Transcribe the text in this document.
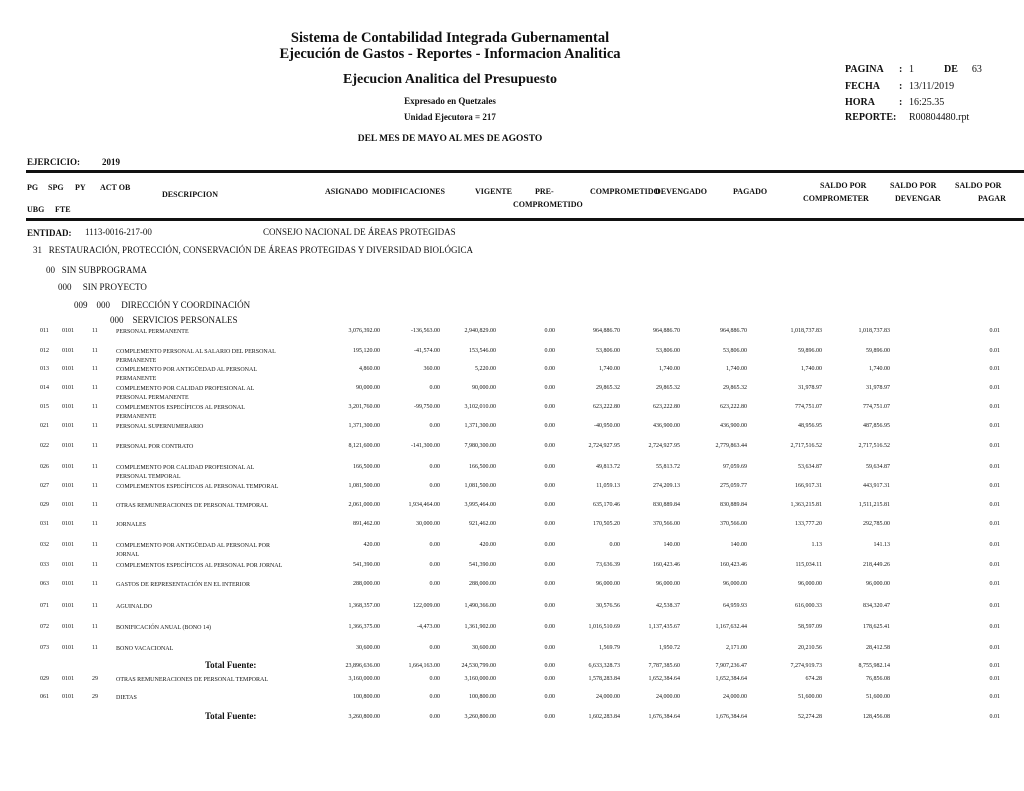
Sistema de Contabilidad Integrada Gubernamental
Ejecución de Gastos - Reportes - Informacion Analitica
Ejecucion Analitica del Presupuesto
Expresado en Quetzales
Unidad Ejecutora = 217
DEL MES DE MAYO AL MES DE AGOSTO
PAGINA : 1	DE 63
FECHA : 13/11/2019
HORA : 16:25.35
REPORTE: R00804480.rpt
EJERCICIO: 2019
PG SPG PY ACT OB
UBG FTE
DESCRIPCION	ASIGNADO MODIFICACIONES	VIGENTE	PRE-
COMPROMETIDO
COMPROMETIDO
DEVENGADO	PAGADO
SALDO POR
COMPROMETER
SALDO POR
DEVENGAR
SALDO POR
PAGAR
ENTIDAD: 1113-0016-217-00	CONSEJO NACIONAL DE ÁREAS PROTEGIDAS
31   RESTAURACIÓN, PROTECCIÓN, CONSERVACIÓN DE ÁREAS PROTEGIDAS Y DIVERSIDAD BIOLÓGICA
00   SIN SUBPROGRAMA
000     SIN PROYECTO
009    000     DIRECCIÓN Y COORDINACIÓN
000    SERVICIOS PERSONALES
011	0101	11	PERSONAL PERMANENTE	3,076,392.00	-136,563.00	2,940,829.00	0.00	964,886.70	964,886.70	964,886.70	1,018,737.83	1,018,737.83	0.01
012	0101	11	COMPLEMENTO PERSONAL AL SALARIO DEL PERSONAL PERMANENTE
195,120.00	-41,574.00	153,546.00	0.00	53,806.00	53,806.00	53,806.00	59,896.00	59,896.00	0.01
013	0101	11	COMPLEMENTO POR ANTIGÜEDAD AL PERSONAL PERMANENTE
4,860.00	360.00	5,220.00	0.00	1,740.00	1,740.00	1,740.00	1,740.00	1,740.00	0.01
014	0101	11	COMPLEMENTO POR CALIDAD PROFESIONAL AL PERSONAL PERMANENTE
90,000.00	0.00	90,000.00	0.00	29,865.32	29,865.32	29,865.32	31,978.97	31,978.97	0.01
015	0101	11	COMPLEMENTOS ESPECÍFICOS AL PERSONAL PERMANENTE
3,201,760.00	-99,750.00	3,102,010.00	0.00	623,222.80	623,222.80	623,222.80	774,751.07	774,751.07	0.01
021	0101	11	PERSONAL SUPERNUMERARIO	1,371,300.00	0.00	1,371,300.00	0.00	-40,950.00	436,900.00	436,900.00	48,956.95	487,856.95	0.01
022	0101	11	PERSONAL POR CONTRATO	8,121,600.00	-141,300.00	7,980,300.00	0.00	2,724,927.95	2,724,927.95	2,779,863.44	2,717,516.52	2,717,516.52	0.01
026	0101	11	COMPLEMENTO POR CALIDAD PROFESIONAL AL PERSONAL TEMPORAL
166,500.00	0.00	166,500.00	0.00	49,813.72	55,813.72	97,059.69	53,634.87	59,634.87	0.01
027	0101	11	COMPLEMENTOS ESPECÍFICOS AL PERSONAL TEMPORAL	1,081,500.00	0.00	1,081,500.00	0.00	11,059.13	274,209.13	275,059.77	166,917.31	443,917.31	0.01
029	0101	11	OTRAS REMUNERACIONES DE PERSONAL TEMPORAL	2,061,000.00	1,934,464.00	3,995,464.00	0.00	635,170.46	830,889.84	830,889.84	1,363,215.81	1,511,215.81	0.01
031	0101	11	JORNALES	891,462.00	30,000.00	921,462.00	0.00	170,505.20	370,566.00	370,566.00	133,777.20	292,785.00	0.01
032	0101	11	COMPLEMENTO POR ANTIGÜEDAD AL PERSONAL POR JORNAL
420.00	0.00	420.00	0.00	0.00	140.00	140.00	1.13	141.13	0.01
033	0101	11	COMPLEMENTOS ESPECÍFICOS AL PERSONAL POR JORNAL	541,390.00	0.00	541,390.00	0.00	73,636.39	160,423.46	160,423.46	115,034.11	218,449.26	0.01
063	0101	11	GASTOS DE REPRESENTACIÓN EN EL INTERIOR	288,000.00	0.00	288,000.00	0.00	96,000.00	96,000.00	96,000.00	96,000.00	96,000.00	0.01
071	0101	11	AGUINALDO	1,368,357.00	122,009.00	1,490,366.00	0.00	30,576.56	42,538.37	64,959.93	616,000.33	834,320.47	0.01
072	0101	11	BONIFICACIÓN ANUAL (BONO 14)	1,366,375.00	-4,473.00	1,361,902.00	0.00	1,016,510.69	1,137,435.67	1,167,632.44	58,597.09	178,625.41	0.01
073	0101	11	BONO VACACIONAL	30,600.00	0.00	30,600.00	0.00	1,569.79	1,950.72	2,171.00	20,210.56	28,412.58	0.01
23,896,636.00	1,664,163.00	24,530,799.00	0.00	6,633,328.73	7,787,385.60	7,907,236.47	7,274,919.73	8,755,982.14	0.01
Total Fuente:
029	0101	29	OTRAS REMUNERACIONES DE PERSONAL TEMPORAL	3,160,000.00	0.00	3,160,000.00	0.00	1,578,283.84	1,652,384.64	1,652,384.64	674.28	76,856.08	0.01
061	0101	29	DIETAS	100,800.00	0.00	100,800.00	0.00	24,000.00	24,000.00	24,000.00	51,600.00	51,600.00	0.01
3,260,800.00	0.00	3,260,800.00	0.00	1,602,283.84	1,676,384.64	1,676,384.64	52,274.28	128,456.08	0.01
Total Fuente:
